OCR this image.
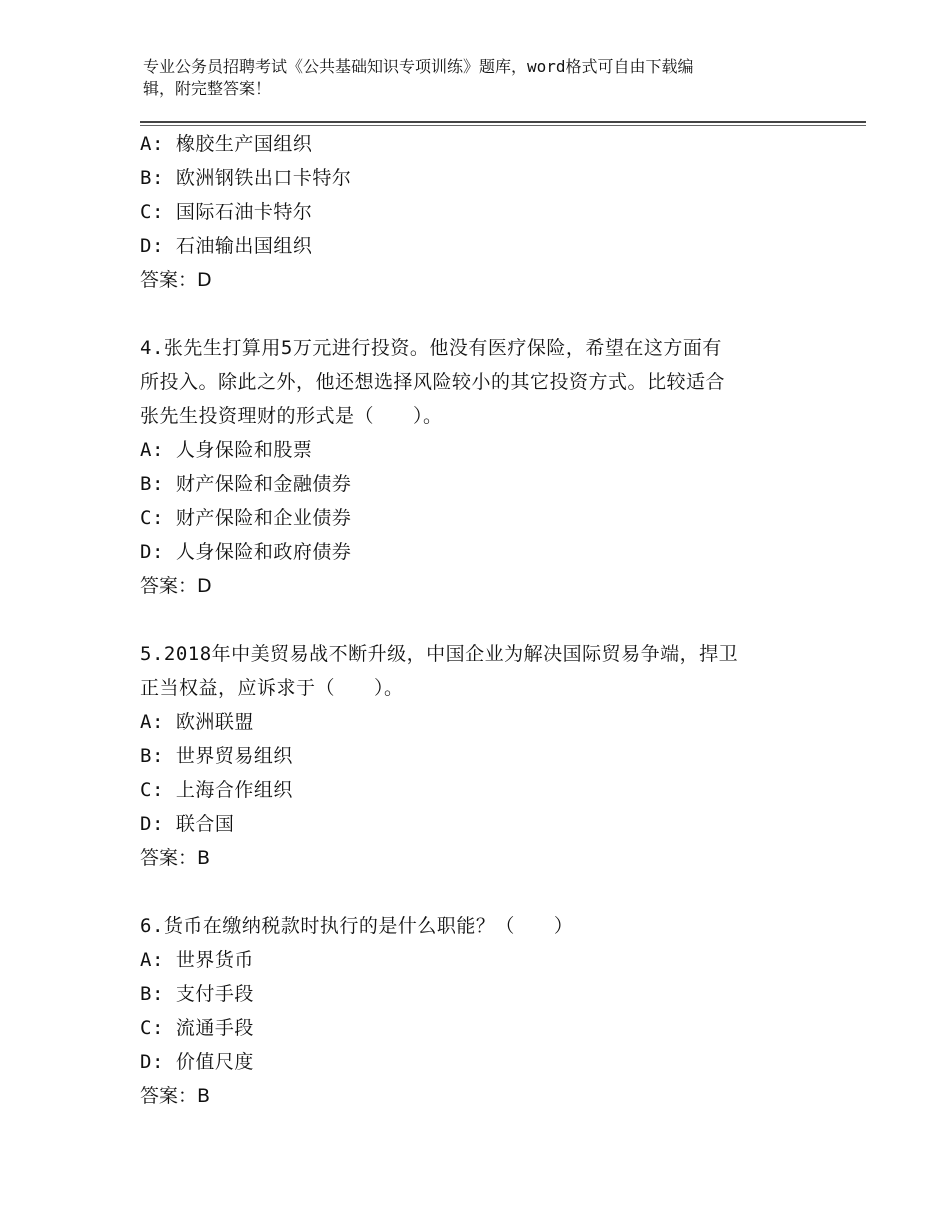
专业公务员招聘考试《公共基础知识专项训练》题库，word格式可自由下载编
辑，附完整答案！
A: 橡胶生产国组织
B: 欧洲钢铁出口卡特尔
C: 国际石油卡特尔
D: 石油输出国组织
答案：D
4.张先生打算用5万元进行投资。他没有医疗保险，希望在这方面有
所投入。除此之外，他还想选择风险较小的其它投资方式。比较适合
张先生投资理财的形式是（　　）。
A: 人身保险和股票
B: 财产保险和金融债券
C: 财产保险和企业债券
D: 人身保险和政府债券
答案：D
5.2018年中美贸易战不断升级，中国企业为解决国际贸易争端，捍卫
正当权益，应诉求于（　　）。
A: 欧洲联盟
B: 世界贸易组织
C: 上海合作组织
D: 联合国
答案：B
6.货币在缴纳税款时执行的是什么职能？（　　）
A: 世界货币
B: 支付手段
C: 流通手段
D: 价值尺度
答案：B
